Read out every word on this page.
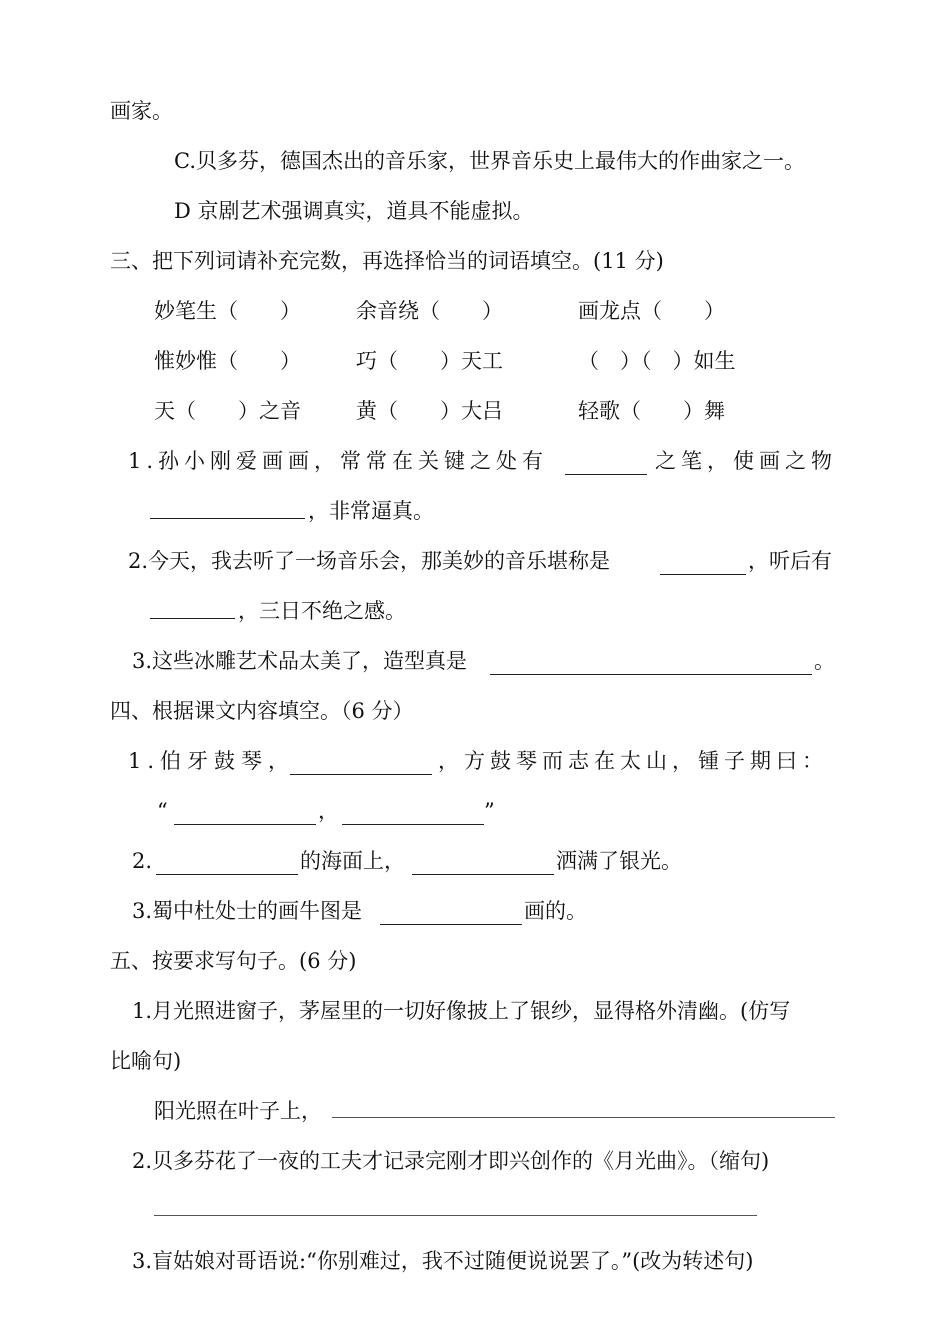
画家。
C.贝多芬，德国杰出的音乐家，世界音乐史上最伟大的作曲家之一。
D 京剧艺术强调真实，道具不能虚拟。
三、把下列词请补充完数，再选择恰当的词语填空。(11 分)
妙笔生（　　）	余音绕（　　）	画龙点（　　）
惟妙惟（　　）	巧（　　）天工	（　）（　）如生
天（　　）之音	黄（　　）大吕	轻歌（　　）舞
1.孙小刚爱画画，常常在关键之处有	之笔，使画之物
，非常逼真。
2.今天，我去听了一场音乐会，那美妙的音乐堪称是	，听后有
，三日不绝之感。
3.这些冰雕艺术品太美了，造型真是	。
四、根据课文内容填空。（6 分）
1.伯牙鼓琴，	，方鼓琴而志在太山，锺子期曰：
“	，	”
2.	的海面上，	洒满了银光。
3.蜀中杜处士的画牛图是	画的。
五、按要求写句子。(6 分)
1.月光照进窗子，茅屋里的一切好像披上了银纱，显得格外清幽。(仿写
比喻句)
阳光照在叶子上，
2.贝多芬花了一夜的工夫才记录完刚才即兴创作的《月光曲》。（缩句)
3.盲姑娘对哥语说:“你别难过，我不过随便说说罢了。”(改为转述句)
